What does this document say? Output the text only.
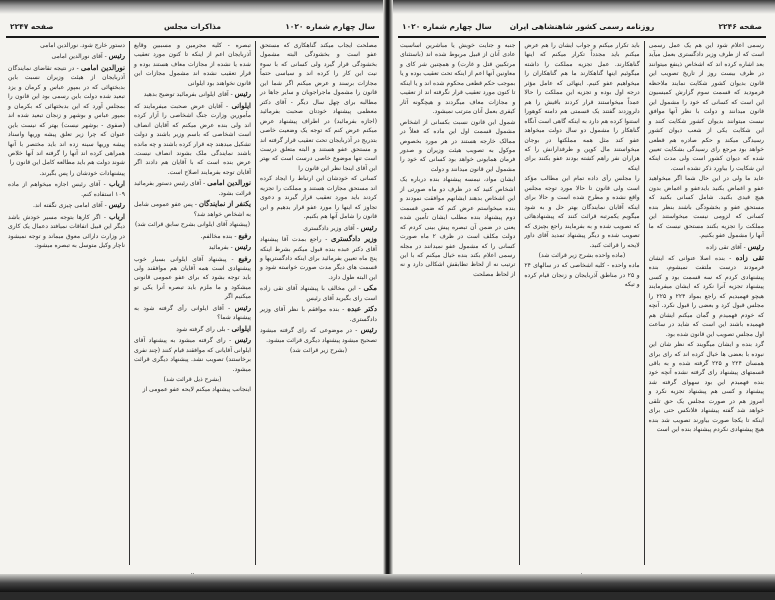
سال چهارم شماره ۱۰۲۰
مذاکرات مجلس
صفحه ۲۲۴۷

مصلحت ایجاب میکند گناهکاری که مستحق عفو است و بخشودگی البته مشمول بخشودگی قرار گیرد ولی کسانی که با سوء نیت این کار را کرده اند و سیاسی حتماً مجازات برسند و عرض میکنم اگر شما این قانون را مشمول ماجراجویان و سایر جاها در مطالبه برای چهل سال دیگر - آقای دکتر معظمی پیشنهاد خودتان صحبت بفرمائید (اجازه بفرمائید) در اطراف پیشنهاد عرض میکنم عرض کنم که توجه یک وضعیت خاصی بتدریج در آذربایجان تحت تعقیب قرار گرفته اند و مستحق عفو هستند و البته متعلق درست است تنها موضوع خاصی درست است که بهتر این آقای اینجا نظر این قانون را

کسانی که خودشان این ارتباط را ایجاد کرده اند مستحق مجازات هستند و مملکت را تجزیه کردند باید مورد تعقیب قرار گیرند و دعوی تجاوز که اینها را مورد عفو قرار بدهیم و این قانون را شامل آنها هم بکنیم.

رئیس - آقای وزیر دادگستری

وزیر دادگستری - راجع بمدت آقا پیشنهاد آقای دکتر عبده بنده قبول میکنم بشرط اینکه پنج ماه تعیین بفرمائید برای اینکه دادگستریها و قسمت های دیگر مدت صورت خواسته شود و این البته طول دارد.

مکی - این مخالف با پیشنهاد آقای تقی زاده است رای بگیرید آقای رئیس

دکتر عبده - بنده موافقم با نظر آقای وزیر دادگستری.

رئیس - در موضوعی که رای گرفته میشود تصحیح میشود پیشنهاد دیگری قرائت میشود.

(بشرح زیر قرائت شد)

تبصره - کلیه مجرمین و مسببین وقایع آذربایجان اعم از اینکه تا کنون مورد تعقیب شده یا نشده از مجازات معاف هستند بوده و قرار تعقیب نشده اند مشمول مجازات این قانون نخواهند بود ایلوانی

رئیس - آقای ایلوانی بفرمائید توضیح بدهید

ایلوانی - آقایان عرض صحبت میفرمایند که مأمورین وزارت جنگ اشخاصی را آزار کرده اند ولی بنده عرض میکنم که آقایان انصاف است اشخاصی که باسم وزیر باشند و دولت تشکیل میدهند چه قرار کرده باشند و چه مانده باشند نمایندگی ملک بشوند انصاف نیست. عرض بنده است که با آقایان هم دادند اگر آقایان توجه بفرمایند اصلاح است.

نورالدین امامی - آقای رئیس دستور بفرمائید قرائت بشود.

یکنفر از نمایندگان - پس عفو عمومی شامل به اشخاص خواهد شد؟

(پیشنهاد آقای ایلوانی بشرح سابق قرائت شد)

رفیع - بنده مخالفم.

رئیس - بفرمائید

رفیع - پیشنهاد آقای ایلوانی بسیار خوب پیشنهادی است همه آقایان هم موافقند ولی باید توجه بشود که برای عفو عمومی قانونی میشکود و ما ملزم باید تبصره آنرا یکی تو میکنیم اگر

رئیس - آقای ایلوانی رأی گرفته شود به پیشنهاد شما؟

ایلوانی - بلی رای گرفته شود

رئیس - رای گرفته میشود به پیشنهاد آقای ایلوانی آقایانی که موافقند قیام کنند (چند نفری برخاستند) تصویب نشد. پیشنهاد دیگری قرائت میشود.

(بشرح ذیل قرائت شد)

اینجانب پیشنهاد میکنم لایحه عفو عمومی از

دستور خارج شود. نورالدین امامی

رئیس - آقای نورالدین امامی

نورالدین امامی - در نتیجه تقاضای نمایندگان آذربایجان از هیئت وزیران نسبت باین بدبختهائی که در بمپور عباس و کرمان و یزد تبعید شده دولت باین رسمی بود این قانون را بمجلس آورد که این بدبختهائی که بکرمان و بمپور عباس و بوشهر و زنجان تبعید شده اند (صفوی - بوشهر نیست) بهتر که نیست باین عنوان که چرا زیر تعلق پیشه وریها واسناد پیشه وریها سینه زده اند باید مختصر با آنها همراهی کرده اند آنها را گرفته اند آنها خلاص شوند دولت هم باید مطالعه کامل این قانون را

پیشنهادات خودشان را پس بگیرند.

ارباب - آقای رئیس اجازه میخواهم از ماده ۱۰۹ استفاده کنم.

رئیس - آقای امامی چیزی نگفته اند.

ارباب - اگر کارها بتوجه مسیر خودش باشد دیگر این قبیل اتفاقات نمیافتد دعمال یک کاری در وزارت دارائی معوق میماند و توجه نمیشود ناچار وکیل متوسل به تبصره میشود.

صفحه ۲۲۴۶
روزنامه رسمی کشور شاهنشاهی ایران
سال چهارم شماره ۱۰۲۰

رسمی اعلام شود این هم یک عمل رسمی است که از طرف وزیر دادگستری بعمل میآید بعد اشاره کرده اند که اشخاص ذینفع میتوانند در ظرف بیست روز از تاریخ تصویب این قانون بدیوان کشور شکایت نمایند ملاحظه فرمودید که قسمت سوم گزارش کمیسیون این است که کسانی که خود را مشمول این قانون میدانند و دولت با نظر آنها موافق نیست میتوانند بدیوان کشور شکایت کنند و این شکایت یکی از شعب دیوان کشور رسیدگی میکند و حکم صادره هم قطعی خواهد بود مرجع رای رسیدگی بشکایت تعیین شده که دیوان کشور است ولی مدت اینکه این شکایت را بیاورد ذکر نشده است.

عاید ما ولی در این حال شما اگر میخواهید عفو و اغماض بکنید بایدعفو و اغماض بدون هیچ قیدی بکنید. شامل کسانی بکنید که مستحق عفو و بخشودگی باشند بنظر بنده کسانی که لزومی نیست میخواستند این مملکت را تجزیه بکنند مستحق نیست که ما آنها را مشمول عفو بکنیم.

رئیس - آقای تقی زاده

تقی زاده - بنده اصلا عنوانی که ایشان فرمودند درست ملتفت نمیشوم، بنده پیشنهادی کردم که سه قسمت بود و کسی پیشنهاد تجزیه آنرا نکرد که ایشان میفرمایند هیچو فهمیدیم که راجع بمواد ۲۲۴ و ۲۲۵ را مجلس قبول کرد و بعضی را قبول نکرد. آنچه که خودم فهمیدم و گمان میکنم ایشان هم فهمیده باشند این است که شاید در ساعت اول مجلس تصویب این قانون شده بود.

گرد بنده و ایشان میگویند که نظر شان این نبوده با بعضی ها خیال کرده اند که رای برای همسان ۲۲۴ و ۲۲۵ گرفته شده و به باقی قسمتهای پیشنهاد رای گرفته نشده آنچه خود بنده فهمیدم این بود سهوای گرفته شد پیشنهاد و کسی هم پیشنهاد تجزیه نکرد و امروز هم در صورت مجلس یک حق تلقی خواهد شد گفته پیشنهاد فلانکس حتی برای اینکه تا یکجا صورت بیاورند تصویب شد بنده هیچ پیشنهادی نکردم پیشنهاد بنده این است

باید تکرار میکنم و جواب ایشان را هم عرض میکنم باید مجدداً تکرار میکنم که اینها گناهکارند. عمل تجزیه مملکت را داشته میگوئیم اینها گناهکارند ما هم گناهکاران را میخواهیم عفو کنیم. اینهائی که عامل مؤثر درجه اول بوده و تجزیه این مملکت را حالا عمداً میخواستند قرار کردند باقیش را هم دلروزدند گفتند یک قسمتی هم دامنه کوهورا استنوا کرده هم دارد به اینکه گاهی است آنگاه گناهکار را مشمول دو سال دولت میخواهد عفو کند مثل همه مملکتها در بوجان میخواستند مال کوپن و طرفدارانش را که هزاران نفر راهم کشته بودند عفو بکنند برای اینکه

را مجلس رأی داده تمام این مطالب مؤکد است ولی قانون تا حالا مورد توجه مجلس واقع نشده و مطرح شده است و حالا برای اینکه آقایان نمایندگان بهتر حل و به شود میگویم یکمرتبه قرائت کنند که پیشنهادهائی که تصویب شده و به بفرمایند راجع بچیزی که تصویب شده و دیگر پیشنهاد تمدید آقای داور لایحه را قرائت کنید.

(ماده واحده بشرح زیر قرائت شد)

ماده واحده - کلیه اشخاصی که در سالهای ۲۴ و ۲۵ در مناطق آذربایجان و زنجان قیام کرده و تیکه

جنبه و جنایت خویش یا مباشرین اساسیت عادی آنان از قبیل مربوط شده اند (باستثنای مرتکبین قتل و غارت) و همچنین شر کای و معاونین آنها اعم از اینکه تحت تعقیب بوده و یا بموجب حکم قطعی محکوم شده اند و یا اینکه تا کنون مورد تعقیب قرار نگرفته اند از تعقیب و مجازات معاف میگردند و هیچگونه آثار کیفری بعمل آنان مترتب نمیشود.

شمول این قانون نسبت بکسانی از اشخاص مشمول قسمت اول این ماده که فعلاً در ممالک خارجه هستند در هر مورد بخصوص موکول به تصویب هیئت وزیران و صدور فرمان همایونی خواهد بود کسانی که خود را مشمول این قانون میدانند و دولت

ایشان مواد، نیمسه پیشنهاد بنده درباره یک اشخاص کنید که در ظرف دو ماه صورتی از این اشخاص بدهند ایشانهم موافقت نمودند و بنده میخواستم عرض کنم که ضمن قسمت دوم پیشنهاد بنده مطلب ایشان تأمین شده یعنی در ضمن آن تبصره پیش بینی کردم که دولت مکلف است در ظرف ۲ ماه صورت کسانی را که مشمول عفو نمیدانند در مجله رسمی اعلام بکند بنده خیال میکنم که با این ترتیب نه از لحاظ تطابقش اشکالی دارد و نه از لحاظ مصلحت
